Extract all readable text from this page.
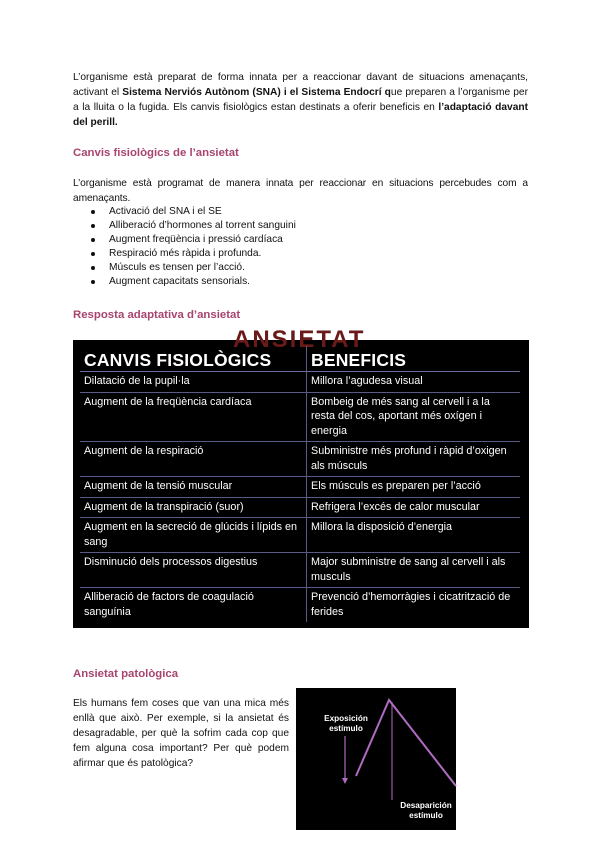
L’organisme està preparat de forma innata per a reaccionar davant de situacions amenaçants, activant el Sistema Nerviós Autònom (SNA) i el Sistema Endocrí que preparen a l’organisme per a la lluita o la fugida. Els canvis fisiològics estan destinats a oferir beneficis en l’adaptació davant del perill.

Canvis fisiològics de l’ansietat

L’organisme està programat de manera innata per reaccionar en situacions percebudes com a amenaçants.

Activació del SNA i el SE
Alliberació d’hormones al torrent sanguini
Augment freqüència i pressió cardíaca
Respiració més ràpida i profunda.
Músculs es tensen per l’acció.
Augment capacitats sensorials.
Resposta adaptativa d’ansietat
ANSIETAT
CANVIS FISIOLÒGICS	BENEFICIS
Dilatació de la pupil·la	Millora l’agudesa visual
Augment de la freqüència cardíaca	Bombeig de més sang al cervell i a la resta del cos, aportant més oxígen i energia
Augment de la respiració	Subministre més profund i ràpid d’oxigen als músculs
Augment de la tensió muscular	Els músculs es preparen per l’acció
Augment de la transpiració (suor)	Refrigera l’excés de calor muscular
Augment en la secreció de glúcids i lípids en sang	Millora la disposició d’energia
Disminució dels processos digestius	Major subministre de sang al cervell i als musculs
Alliberació de factors de coagulació sanguínia	Prevenció d’hemorràgies i cicatrització de ferides
Ansietat patològica

Els humans fem coses que van una mica més enllà que això. Per exemple, si la ansietat és desagradable, per què la sofrim cada cop que fem alguna cosa important? Per què podem afirmar que és patològica?

Exposición
estímulo
Desaparición
estímulo
